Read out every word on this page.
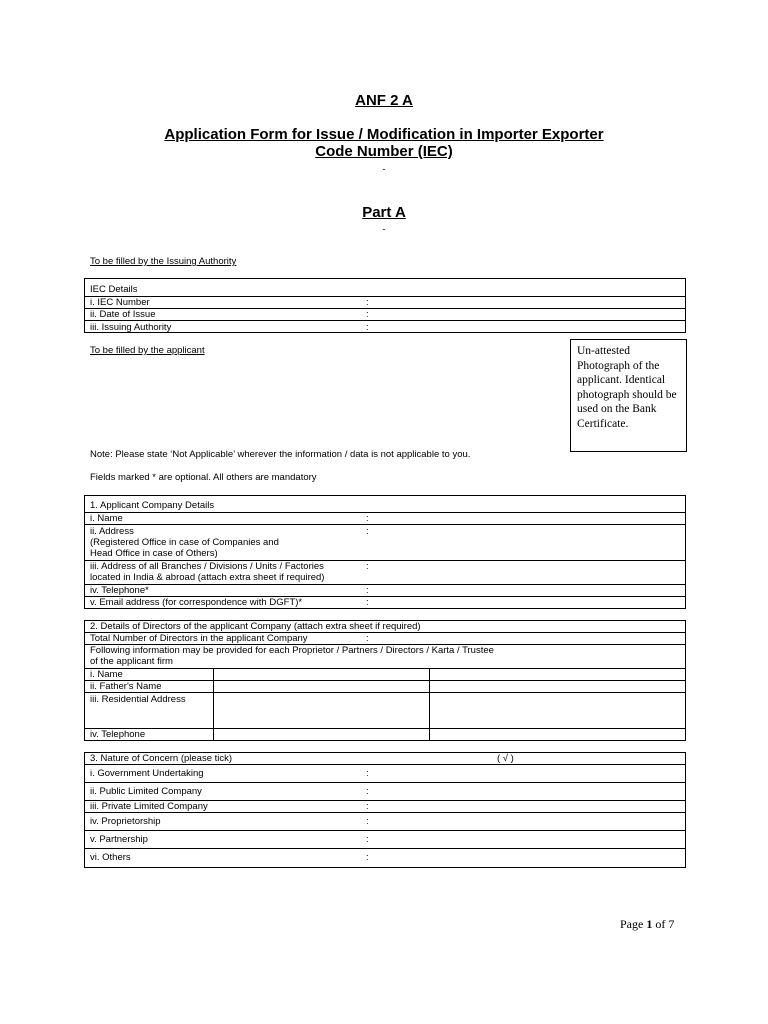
ANF 2 A
Application Form for Issue / Modification in Importer Exporter
Code Number (IEC)
-
Part A
-
To be filled by the Issuing Authority
IEC Details
i. IEC Number	:
ii. Date of Issue	:
iii. Issuing Authority	:
To be filled by the applicant	Un-attested Photograph of the applicant. Identical photograph should be used on the Bank Certificate.
Note: Please state ‘Not Applicable’ wherever the information / data is not applicable to you.
Fields marked * are optional. All others are mandatory
1. Applicant Company Details
i. Name	:
ii. Address
(Registered Office in case of Companies and
Head Office in case of Others)
:
iii. Address of all Branches / Divisions / Units / Factories
located in India & abroad (attach extra sheet if required)
:
iv. Telephone*	:
v. Email address (for correspondence with DGFT)*	:
2. Details of Directors of the applicant Company (attach extra sheet if required)
Total Number of Directors in the applicant Company	:
Following information may be provided for each Proprietor / Partners / Directors / Karta / Trustee
of the applicant firm
i. Name
ii. Father's Name
iii. Residential Address
iv. Telephone
3. Nature of Concern (please tick)	( √ )
i. Government Undertaking	:
ii. Public Limited Company	:
iii. Private Limited Company	:
iv. Proprietorship	:
v. Partnership	:
vi. Others	:
Page 1 of 7
